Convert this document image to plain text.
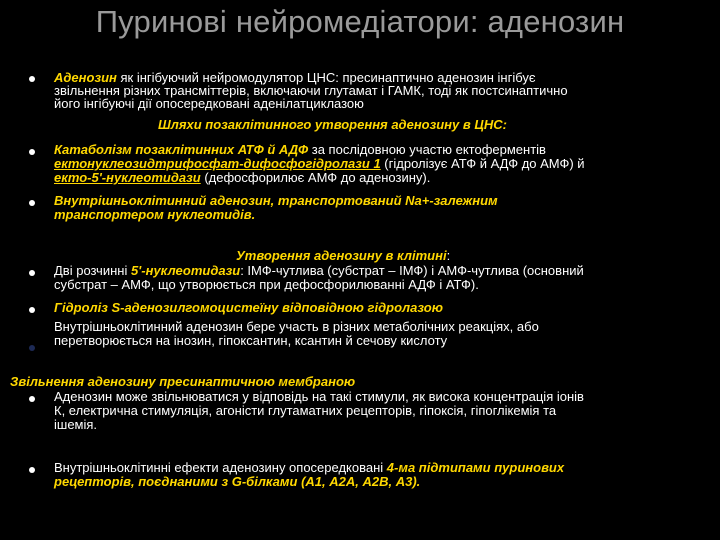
Пуринові нейромедіатори: аденозин
Аденозин як інгібуючий нейромодулятор ЦНС: пресинаптично аденозин інгібує
звільнення різних трансміттерів, включаючи глутамат і ГАМК, тоді як постсинаптично
його інгібуючі дії опосередковані аденілатциклазою
Шляхи позаклітинного утворення аденозину в ЦНС:
Катаболізм позаклітинних АТФ й АДФ за послідовною участю ектоферментів
ектонуклеозидтрифосфат-дифосфогідролази 1 (гідролізує АТФ й АДФ до АМФ) й
екто-5'-нуклеотидази (дефосфорилює АМФ до аденозину).
Внутрішньоклітинний аденозин, транспортований Na+-залежним
транспортером нуклеотидів.
Утворення аденозину в клітині:
Дві розчинні 5'-нуклеотидази: ІМФ-чутлива (субстрат – ІМФ) і АМФ-чутлива (основний
субстрат – АМФ, що утворюється при дефосфорилюванні АДФ і АТФ).
Гідроліз S-аденозилгомоцистеїну відповідною гідролазою
Внутрішньоклітинний аденозин бере участь в різних метаболічних реакціях, або
перетворюється на інозин, гіпоксантин, ксантин й сечову кислоту
Звільнення аденозину пресинаптичною мембраною
Аденозин може звільнюватися у відповідь на такі стимули, як висока концентрація іонів
К, електрична стимуляція, агоністи глутаматних рецепторів, гіпоксія, гіпоглікемія та
ішемія.
Внутрішньоклітинні ефекти аденозину опосередковані 4-ма підтипами пуринових
рецепторів, поєднаними з G-білками (А1, А2А, А2В, А3).
